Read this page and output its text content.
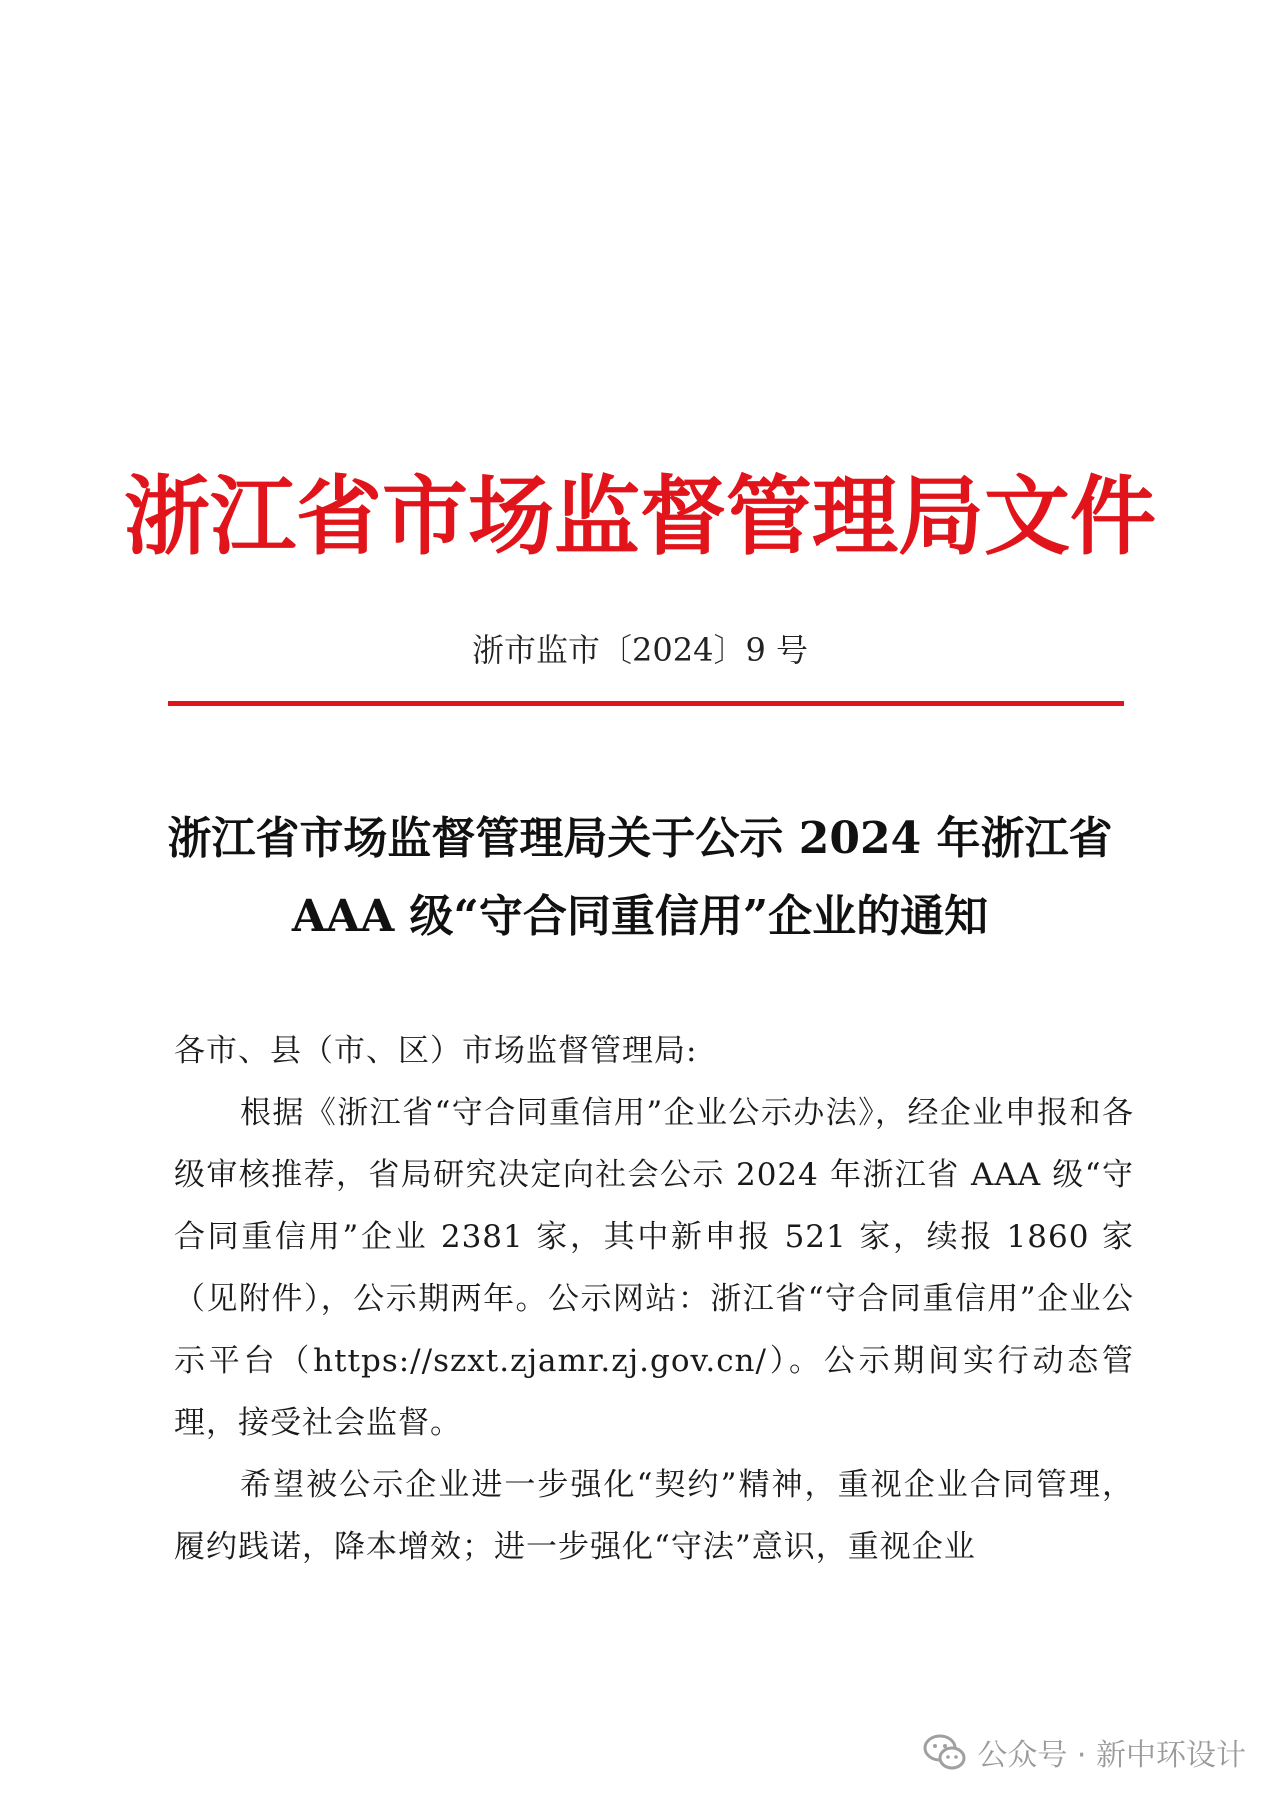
浙江省市场监督管理局文件
浙市监市〔2024〕9 号
浙江省市场监督管理局关于公示 2024 年浙江省
AAA 级“守合同重信用”企业的通知

各市、县（市、区）市场监督管理局:

根据《浙江省“守合同重信用”企业公示办法》，经企业申报和各级审核推荐，省局研究决定向社会公示 2024 年浙江省 AAA 级“守合同重信用”企业 2381 家，其中新申报 521 家，续报 1860 家（见附件），公示期两年。公示网站：浙江省“守合同重信用”企业公示平台（https://szxt.zjamr.zj.gov.cn/）。公示期间实行动态管理，接受社会监督。

希望被公示企业进一步强化“契约”精神，重视企业合同管理，履约践诺，降本增效；进一步强化“守法”意识，重视企业

公众号 · 新中环设计
